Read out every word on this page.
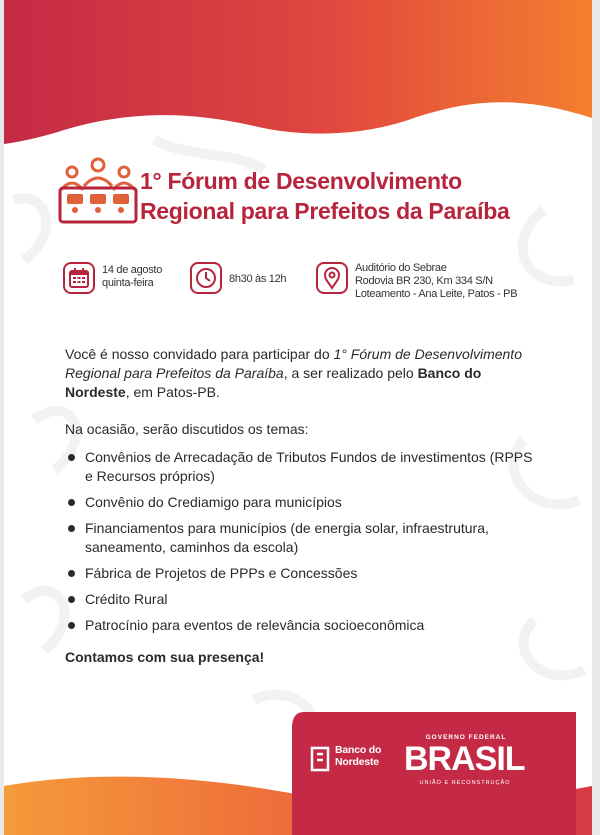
1° Fórum de Desenvolvimento
Regional para Prefeitos da Paraíba
14 de agosto
quinta-feira	8h30 às 12h
Auditório do Sebrae
Rodovia BR 230, Km 334 S/N
Loteamento - Ana Leite, Patos - PB

Você é nosso convidado para participar do 1° Fórum de Desenvolvimento Regional para Prefeitos da Paraíba, a ser realizado pelo Banco do Nordeste, em Patos-PB.

Na ocasião, serão discutidos os temas:

Convênios de Arrecadação de Tributos Fundos de investimentos (RPPS e Recursos próprios)
Convênio do Crediamigo para municípios
Financiamentos para municípios (de energia solar, infraestrutura, saneamento, caminhos da escola)
Fábrica de Projetos de PPPs e Concessões
Crédito Rural
Patrocínio para eventos de relevância socioeconômica

Contamos com sua presença!

Banco do
Nordeste
GOVERNO FEDERAL
BRASIL
UNIÃO E RECONSTRUÇÃO
